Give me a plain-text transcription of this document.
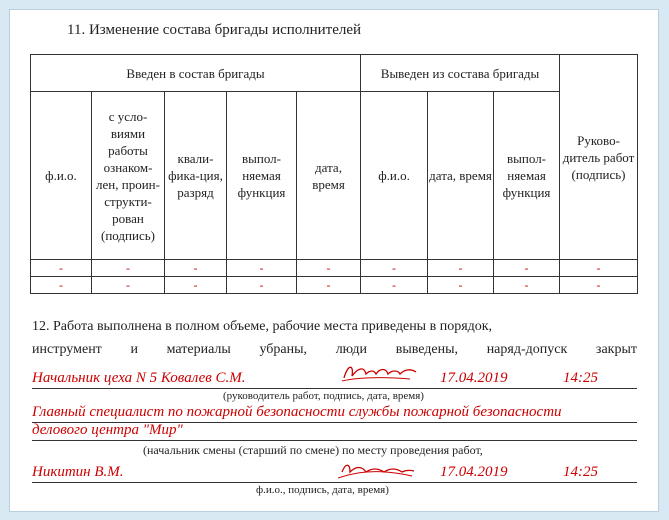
11. Изменение состава бригады исполнителей
Введен в состав бригады					Выведен из состава бригады			Руково-дитель работ (подпись)
ф.и.о.	с усло-виями работы ознаком-лен, проин-структи-рован (подпись)	квали-фика-ция, разряд	выпол-няемая функция	дата, время	ф.и.о.	дата, время	выпол-няемая функция	
-	-	-	-	-	-	-	-	-
-	-	-	-	-	-	-	-	-
12. Работа выполнена в полном объеме, рабочие места приведены в порядок,
инструмент и материалы убраны, люди выведены, наряд-допуск закрыт
Начальник цеха N 5 Ковалев С.М.	17.04.2019	14:25
(руководитель работ, подпись, дата, время)
Главный специалист по пожарной безопасности службы пожарной безопасности
делового центра "Мир"
(начальник смены (старший по смене) по месту проведения работ,
Никитин В.М.	17.04.2019	14:25
ф.и.о., подпись, дата, время)
